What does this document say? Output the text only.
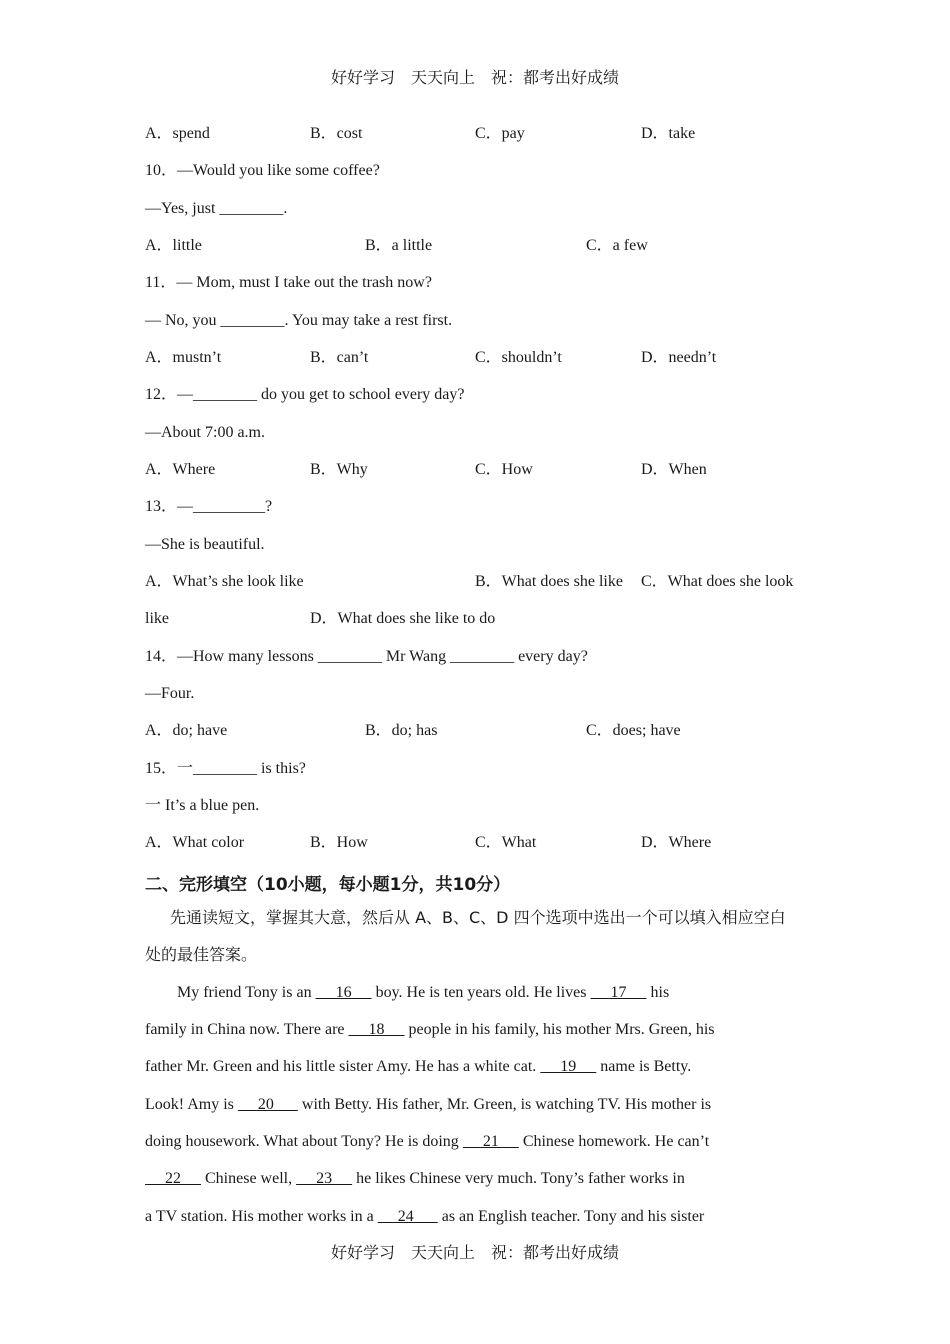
好好学习　天天向上　祝：都考出好成绩
A．spend	B．cost	C．pay	D．take
10．—Would you like some coffee?
—Yes, just ________.
A．little	B．a little	C．a few
11．— Mom, must I take out the trash now?
— No, you ________. You may take a rest first.
A．mustn’t	B．can’t	C．shouldn’t	D．needn’t
12．—________ do you get to school every day?
—About 7:00 a.m.
A．Where	B．Why	C．How	D．When
13．—_________?
—She is beautiful.
A．What’s she look like	B．What does she like C．What does she look
like	D．What does she like to do
14．—How many lessons ________ Mr Wang ________ every day?
—Four.
A．do; have	B．do; has	C．does; have
15．一________ is this?
一 It’s a blue pen.
A．What color	B．How	C．What	D．Where
二、完形填空（10小题，每小题1分，共10分）
先通读短文，掌握其大意，然后从 A、B、C、D 四个选项中选出一个可以填入相应空白
处的最佳答案。
My friend Tony is an      16      boy. He is ten years old. He lives      17      his
family in China now. There are      18      people in his family, his mother Mrs. Green, his
father Mr. Green and his little sister Amy. He has a white cat.      19      name is Betty.
Look! Amy is      20       with Betty. His father, Mr. Green, is watching TV. His mother is
doing housework. What about Tony? He is doing      21      Chinese homework. He can’t
22      Chinese well,      23      he likes Chinese very much. Tony’s father works in
a TV station. His mother works in a      24       as an English teacher. Tony and his sister
好好学习　天天向上　祝：都考出好成绩
